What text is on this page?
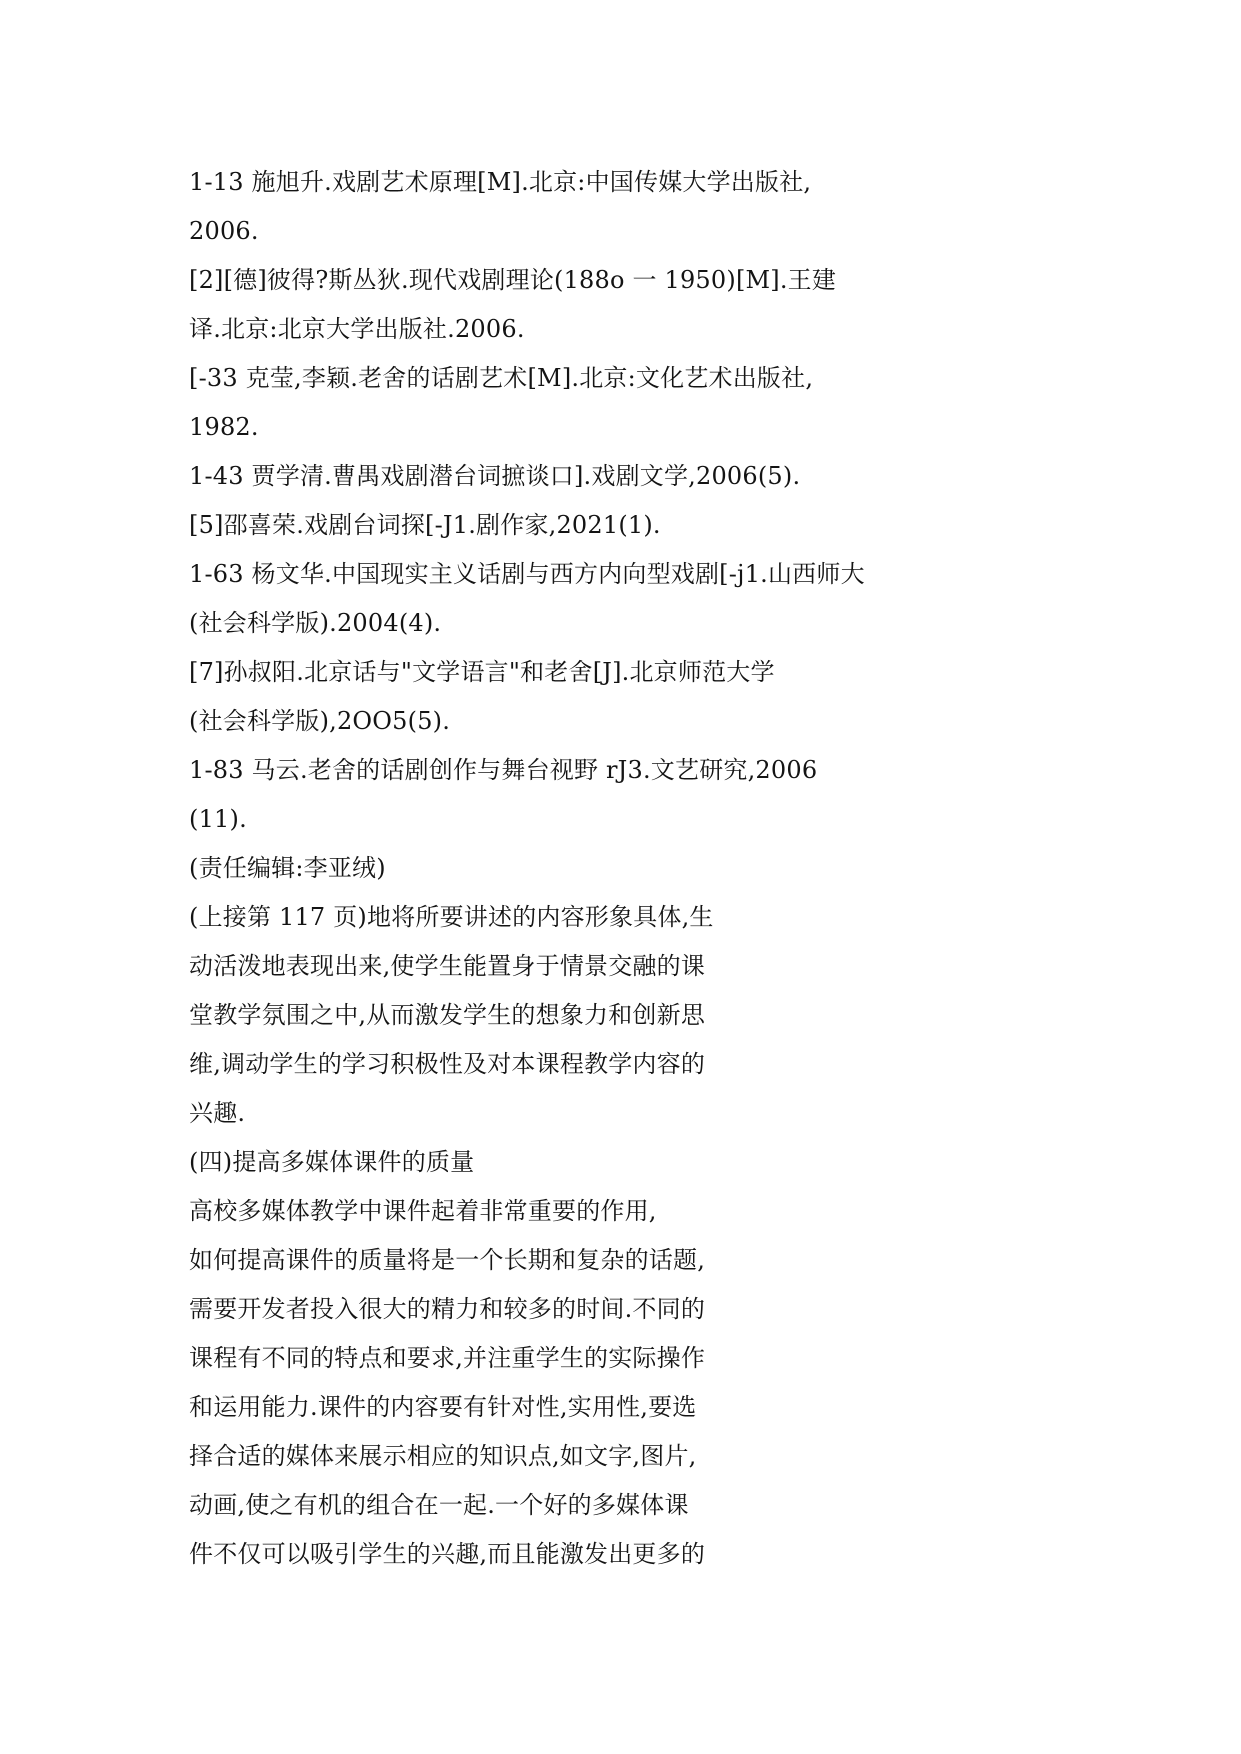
1-13 施旭升.戏剧艺术原理[M].北京:中国传媒大学出版社,
2006.
[2][德]彼得?斯丛狄.现代戏剧理论(188o 一 1950)[M].王建
译.北京:北京大学出版社.2006.
[-33 克莹,李颖.老舍的话剧艺术[M].北京:文化艺术出版社,
1982.
1-43 贾学清.曹禺戏剧潜台词摭谈口].戏剧文学,2006(5).
[5]邵喜荣.戏剧台词探[-J1.剧作家,2021(1).
1-63 杨文华.中国现实主义话剧与西方内向型戏剧[-j1.山西师大
(社会科学版).2004(4).
[7]孙叔阳.北京话与"文学语言"和老舍[J].北京师范大学
(社会科学版),2OO5(5).
1-83 马云.老舍的话剧创作与舞台视野 rJ3.文艺研究,2006
(11).
(责任编辑:李亚绒)
(上接第 117 页)地将所要讲述的内容形象具体,生
动活泼地表现出来,使学生能置身于情景交融的课
堂教学氛围之中,从而激发学生的想象力和创新思
维,调动学生的学习积极性及对本课程教学内容的
兴趣.
(四)提高多媒体课件的质量
高校多媒体教学中课件起着非常重要的作用,
如何提高课件的质量将是一个长期和复杂的话题,
需要开发者投入很大的精力和较多的时间.不同的
课程有不同的特点和要求,并注重学生的实际操作
和运用能力.课件的内容要有针对性,实用性,要选
择合适的媒体来展示相应的知识点,如文字,图片,
动画,使之有机的组合在一起.一个好的多媒体课
件不仅可以吸引学生的兴趣,而且能激发出更多的
